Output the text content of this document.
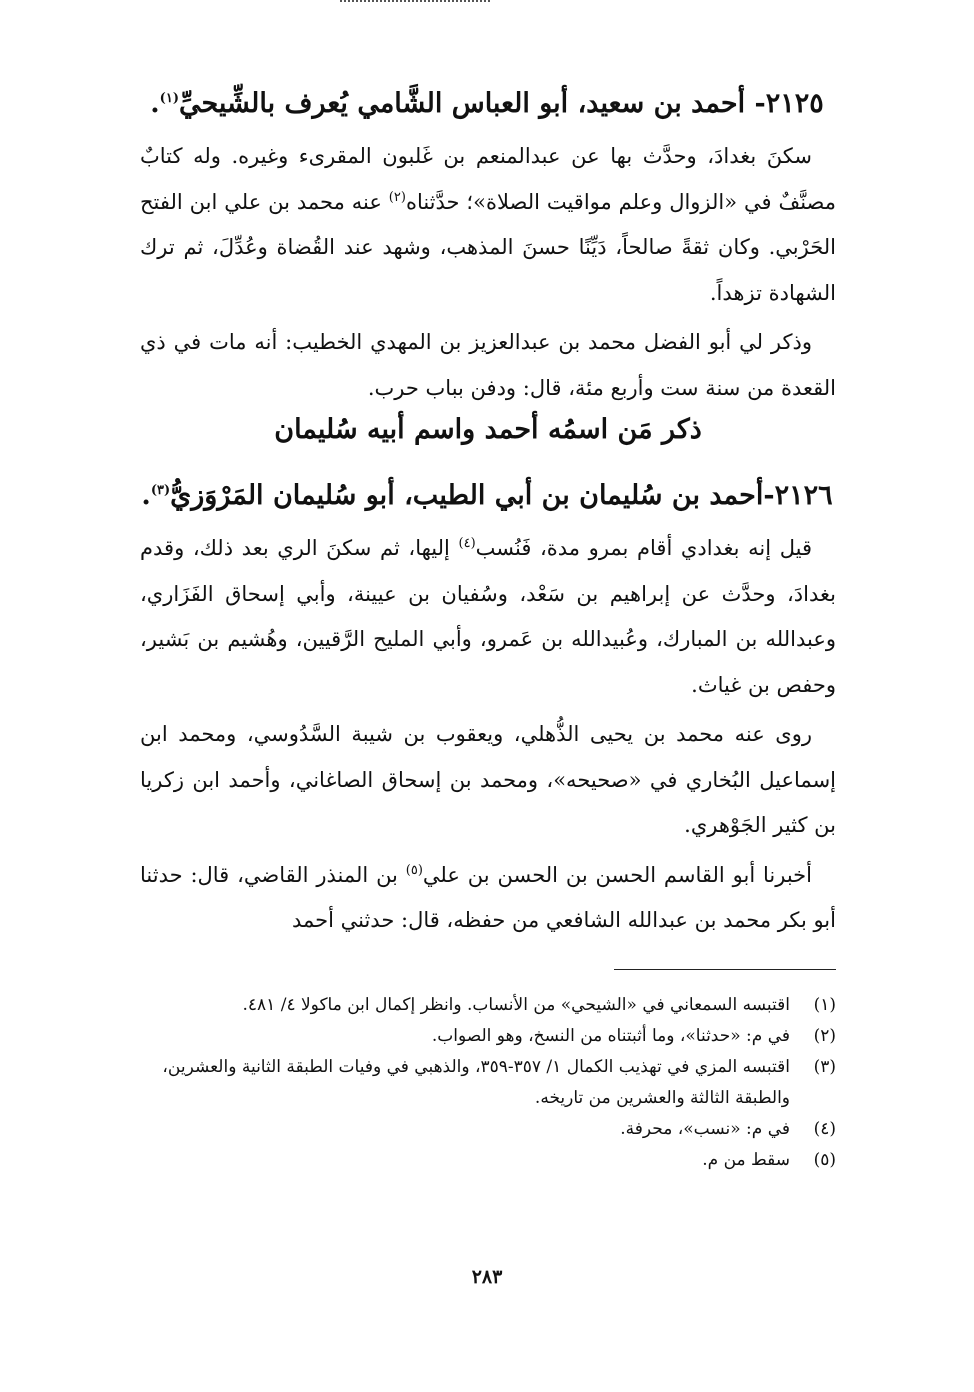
٢١٢٥- أحمد بن سعيد، أبو العباس الشَّامي يُعرف بالشِّيحيِّ$^{(١)}$.

سكنَ بغدادَ، وحدَّث بها عن عبدالمنعم بن غَلبون المقرىء وغيره. وله كتابٌ مصنَّفٌ في «الزوال وعلم مواقيت الصلاة»؛ حدَّثناه$^{(٢)}$ عنه محمد بن علي ابن الفتح الحَرْبي. وكان ثقةً صالحاً، دَيِّنًا حسنَ المذهب، وشهد عند القُضاة وعُدِّلَ، ثم ترك الشهادة تزهداً.

وذكر لي أبو الفضل محمد بن عبدالعزيز بن المهدي الخطيب: أنه مات في ذي القعدة من سنة ست وأربع مئة، قال: ودفن بباب حرب.

ذكر مَن اسمُه أحمد واسم أبيه سُليمان
٢١٢٦-أحمد بن سُليمان بن أبي الطيب، أبو سُليمان المَرْوَزيُّ$^{(٣)}$.

قيل إنه بغدادي أقام بمرو مدة، فَنُسب$^{(٤)}$ إليها، ثم سكنَ الري بعد ذلك، وقدم بغدادَ، وحدَّث عن إبراهيم بن سَعْد، وسُفيان بن عيينة، وأبي إسحاق الفَزَاري، وعبدالله بن المبارك، وعُبيدالله بن عَمرو، وأبي المليح الرَّقيين، وهُشيم بن بَشير، وحفص بن غياث.

روى عنه محمد بن يحيى الذُّهلي، ويعقوب بن شيبة السَّدُوسي، ومحمد ابن إسماعيل البُخاري في «صحيحه»، ومحمد بن إسحاق الصاغاني، وأحمد ابن زكريا بن كثير الجَوْهري.

أخبرنا أبو القاسم الحسن بن الحسن بن علي$^{(٥)}$ بن المنذر القاضي، قال: حدثنا أبو بكر محمد بن عبدالله الشافعي من حفظه، قال: حدثني أحمد

(١)
اقتبسه السمعاني في «الشيحي» من الأنساب. وانظر إكمال ابن ماكولا ٤/ ٤٨١.
(٢)
في م: «حدثنا»، وما أثبتناه من النسخ، وهو الصواب.
(٣)
اقتبسه المزي في تهذيب الكمال ١/ ٣٥٧-٣٥٩، والذهبي في وفيات الطبقة الثانية والعشرين، والطبقة الثالثة والعشرين من تاريخه.
(٤)
في م: «نسب»، محرفة.
(٥)
سقط من م.
٢٨٣
